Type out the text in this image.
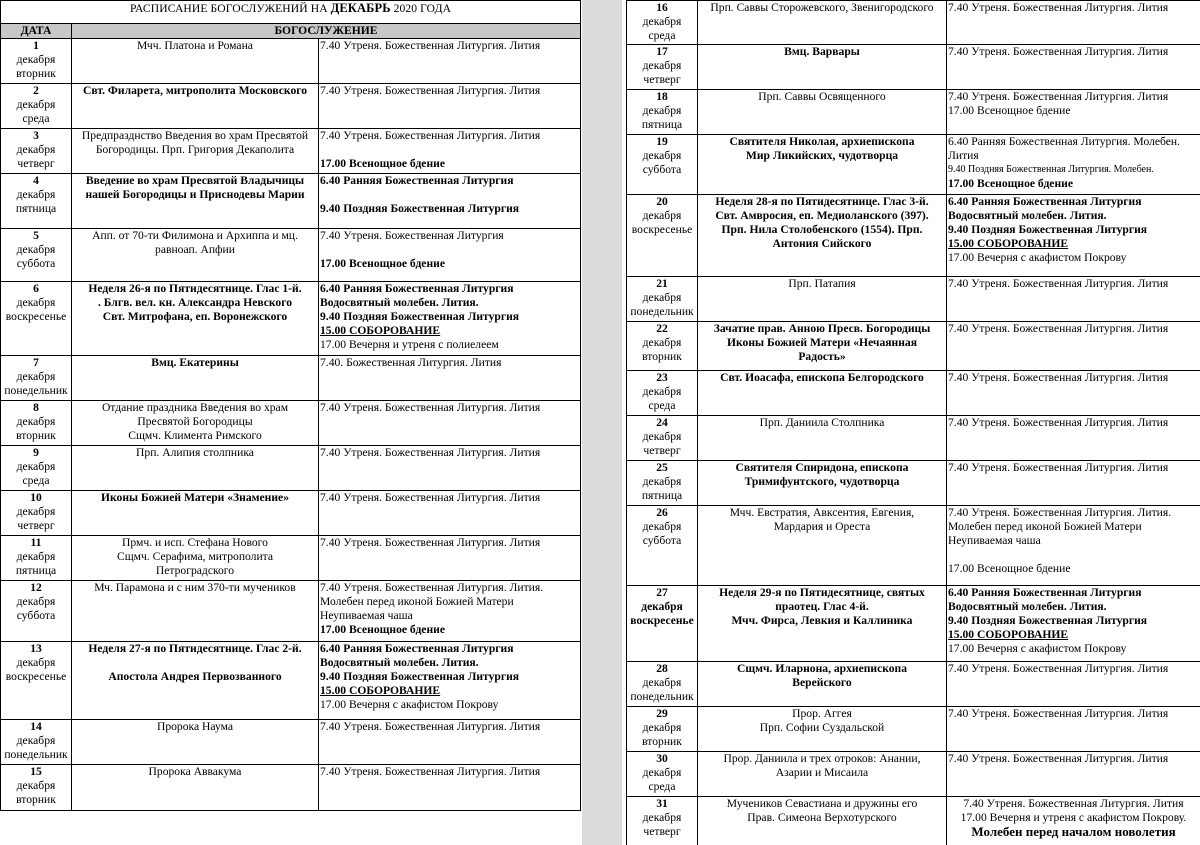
РАСПИСАНИЕ БОГОСЛУЖЕНИЙ НА ДЕКАБРЬ 2020 ГОДА		
ДАТА	БОГОСЛУЖЕНИЕ	

1
декабря
вторник	Мчч. Платона и Романа	7.40 Утреня. Божественная Литургия. Лития

2
декабря
среда	Свт. Филарета, митрополита Московского	7.40 Утреня. Божественная Литургия. Лития

3
декабря
четверг	Предпразднство Введения во храм Пресвятой
Богородицы. Прп. Григория Декаполита	7.40 Утреня. Божественная Литургия. Лития
17.00 Всенощное бдение

4
декабря
пятница	Введение во храм Пресвятой Владычицы
нашей Богородицы и Приснодевы Марии	6.40 Ранняя Божественная Литургия
9.40 Поздняя Божественная Литургия

5
декабря
суббота	Апп. от 70-ти Филимона и Архиппа и мц.
равноап. Апфии	7.40 Утреня. Божественная Литургия
17.00 Всенощное бдение

6
декабря
воскресенье	Неделя 26-я по Пятидесятнице. Глас 1-й.
. Блгв. вел. кн. Александра Невского
Свт. Митрофана, еп. Воронежского	6.40 Ранняя Божественная Литургия
Водосвятный молебен. Лития.
9.40 Поздняя Божественная Литургия
15.00 СОБОРОВАНИЕ
17.00 Вечерня и утреня с полиелеем

7
декабря
понедельник	Вмц. Екатерины	7.40. Божественная Литургия. Лития

8
декабря
вторник	Отдание праздника Введения во храм
Пресвятой Богородицы
Сщмч. Климента Римского	7.40 Утреня. Божественная Литургия. Лития

9
декабря
среда	Прп. Алипия столпника	7.40 Утреня. Божественная Литургия. Лития

10
декабря
четверг	Иконы Божией Матери «Знамение»	7.40 Утреня. Божественная Литургия. Лития

11
декабря
пятница	Прмч. и исп. Стефана Нового
Сщмч. Серафима, митрополита
Петроградского	7.40 Утреня. Божественная Литургия. Лития

12
декабря
суббота	Мч. Парамона и с ним 370-ти мучеников	7.40 Утреня. Божественная Литургия. Лития.
Молебен перед иконой Божией Матери
Неупиваемая чаша
17.00 Всенощное бдение

13
декабря
воскресенье	Неделя 27-я по Пятидесятнице. Глас 2-й.
Апостола Андрея Первозванного	6.40 Ранняя Божественная Литургия
Водосвятный молебен. Лития.
9.40 Поздняя Божественная Литургия
15.00 СОБОРОВАНИЕ
17.00 Вечерня с акафистом Покрову

14
декабря
понедельник	Пророка Наума	7.40 Утреня. Божественная Литургия. Лития

15
декабря
вторник	Пророка Аввакума	7.40 Утреня. Божественная Литургия. Лития
16
декабря
среда	Прп. Саввы Сторожевского, Звенигородского	7.40 Утреня. Божественная Литургия. Лития

17
декабря
четверг	Вмц. Варвары	7.40 Утреня. Божественная Литургия. Лития

18
декабря
пятница	Прп. Саввы Освященного	7.40 Утреня. Божественная Литургия. Лития
17.00 Всенощное бдение

19
декабря
суббота	Святителя Николая, архиепископа
Мир Ликийских, чудотворца	6.40 Ранняя Божественная Литургия. Молебен.
Лития
9.40 Поздняя Божественная Литургия. Молебен.
17.00 Всенощное бдение

20
декабря
воскресенье	Неделя 28-я по Пятидесятнице. Глас 3-й.
Свт. Амвросия, еп. Медиоланского (397).
Прп. Нила Столобенского (1554). Прп.
Антония Сийского	6.40 Ранняя Божественная Литургия
Водосвятный молебен. Лития.
9.40 Поздняя Божественная Литургия
15.00 СОБОРОВАНИЕ
17.00 Вечерня с акафистом Покрову

21
декабря
понедельник	Прп. Патапия	7.40 Утреня. Божественная Литургия. Лития

22
декабря
вторник	Зачатие прав. Анною Пресв. Богородицы
Иконы Божией Матери «Нечаянная
Радость»	7.40 Утреня. Божественная Литургия. Лития

23
декабря
среда	Свт. Иоасафа, епископа Белгородского	7.40 Утреня. Божественная Литургия. Лития

24
декабря
четверг	Прп. Даниила Столпника	7.40 Утреня. Божественная Литургия. Лития

25
декабря
пятница	Святителя Спиридона, епископа
Тримифунтского, чудотворца	7.40 Утреня. Божественная Литургия. Лития

26
декабря
суббота	Мчч. Евстратия, Авксентия, Евгения,
Мардария и Ореста	7.40 Утреня. Божественная Литургия. Лития.
Молебен перед иконой Божией Матери
Неупиваемая чаша
17.00 Всенощное бдение

27
декабря
воскресенье	Неделя 29-я по Пятидесятнице, святых
праотец. Глас 4-й.
Мчч. Фирса, Левкия и Каллиника	6.40 Ранняя Божественная Литургия
Водосвятный молебен. Лития.
9.40 Поздняя Божественная Литургия
15.00 СОБОРОВАНИЕ
17.00 Вечерня с акафистом Покрову

28
декабря
понедельник	Сщмч. Иларнона, архиепископа
Верейского	7.40 Утреня. Божественная Литургия. Лития

29
декабря
вторник	Прор. Аггея
Прп. Софии Суздальской	7.40 Утреня. Божественная Литургия. Лития

30
декабря
среда	Прор. Даниила и трех отроков: Анании,
Азарии и Мисаила	7.40 Утреня. Божественная Литургия. Лития

31
декабря
четверг	Мучеников Севастиана и дружины его
Прав. Симеона Верхотурского	7.40 Утреня. Божественная Литургия. Лития
17.00 Вечерня и утреня с акафистом Покрову.
Молебен перед началом новолетия
